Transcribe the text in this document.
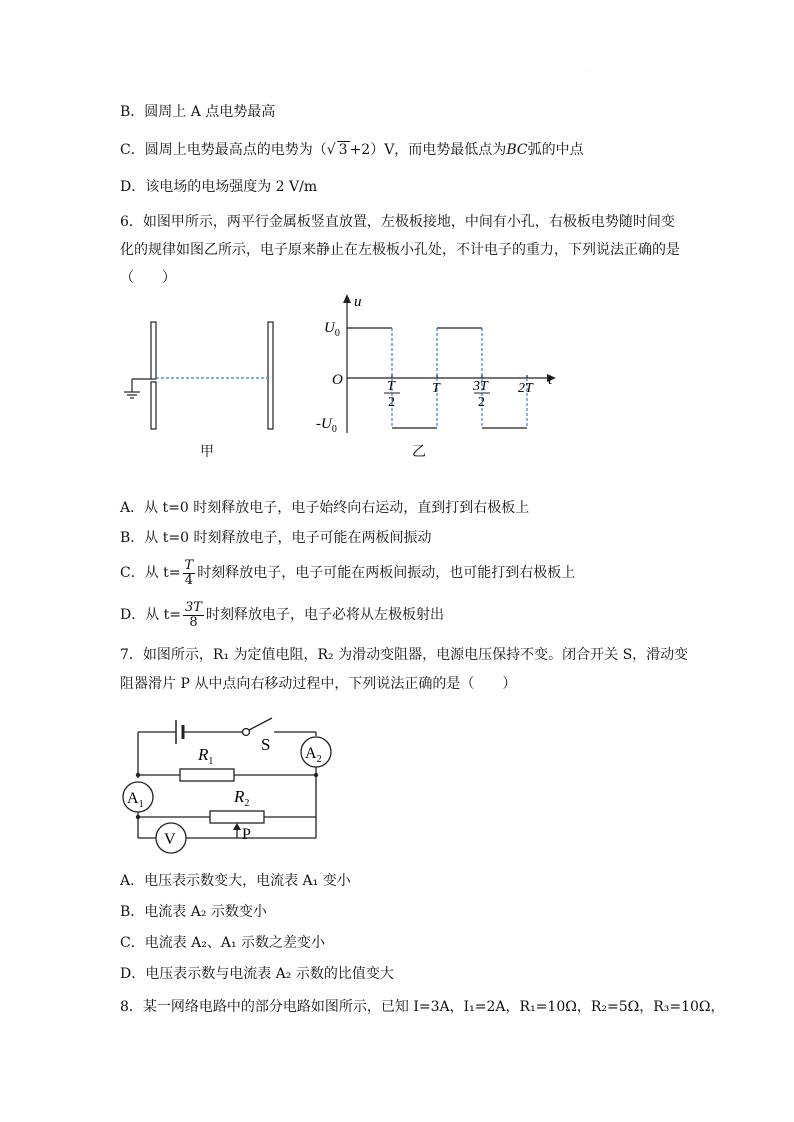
·
B．圆周上 A 点电势最高
C．圆周上电势最高点的电势为（√ 3 +2）V，而电势最低点为BC弧的中点
D．该电场的电场强度为 2 V/m
6．如图甲所示，两平行金属板竖直放置，左极板接地，中间有小孔，右极板电势随时间变
化的规律如图乙所示，电子原来静止在左极板小孔处，不计电子的重力，下列说法正确的是
（　　）
甲
u
t
O
$U_0$
$-U_0$
T
2
T 3T
2
2T
乙
A．从 t=0 时刻释放电子，电子始终向右运动，直到打到右极板上
B．从 t=0 时刻释放电子，电子可能在两板间振动
C．从 $t= \frac{T}{4}$ 时刻释放电子，电子可能在两板间振动，也可能打到右极板上
D．从 $t= \frac{3T}{8}$ 时刻释放电子，电子必将从左极板射出
7．如图所示，R₁ 为定值电阻，R₂ 为滑动变阻器，电源电压保持不变。闭合开关 S，滑动变
阻器滑片 P 从中点向右移动过程中，下列说法正确的是（　　）
S $A_2$
$R_1$
$A_1$	$R_2$
P
V
A．电压表示数变大，电流表 A₁ 变小
B．电流表 A₂ 示数变小
C．电流表 A₂、A₁ 示数之差变小
D．电压表示数与电流表 A₂ 示数的比值变大
8．某一网络电路中的部分电路如图所示，已知 I=3A，I₁=2A，R₁=10Ω，R₂=5Ω，R₃=10Ω，
